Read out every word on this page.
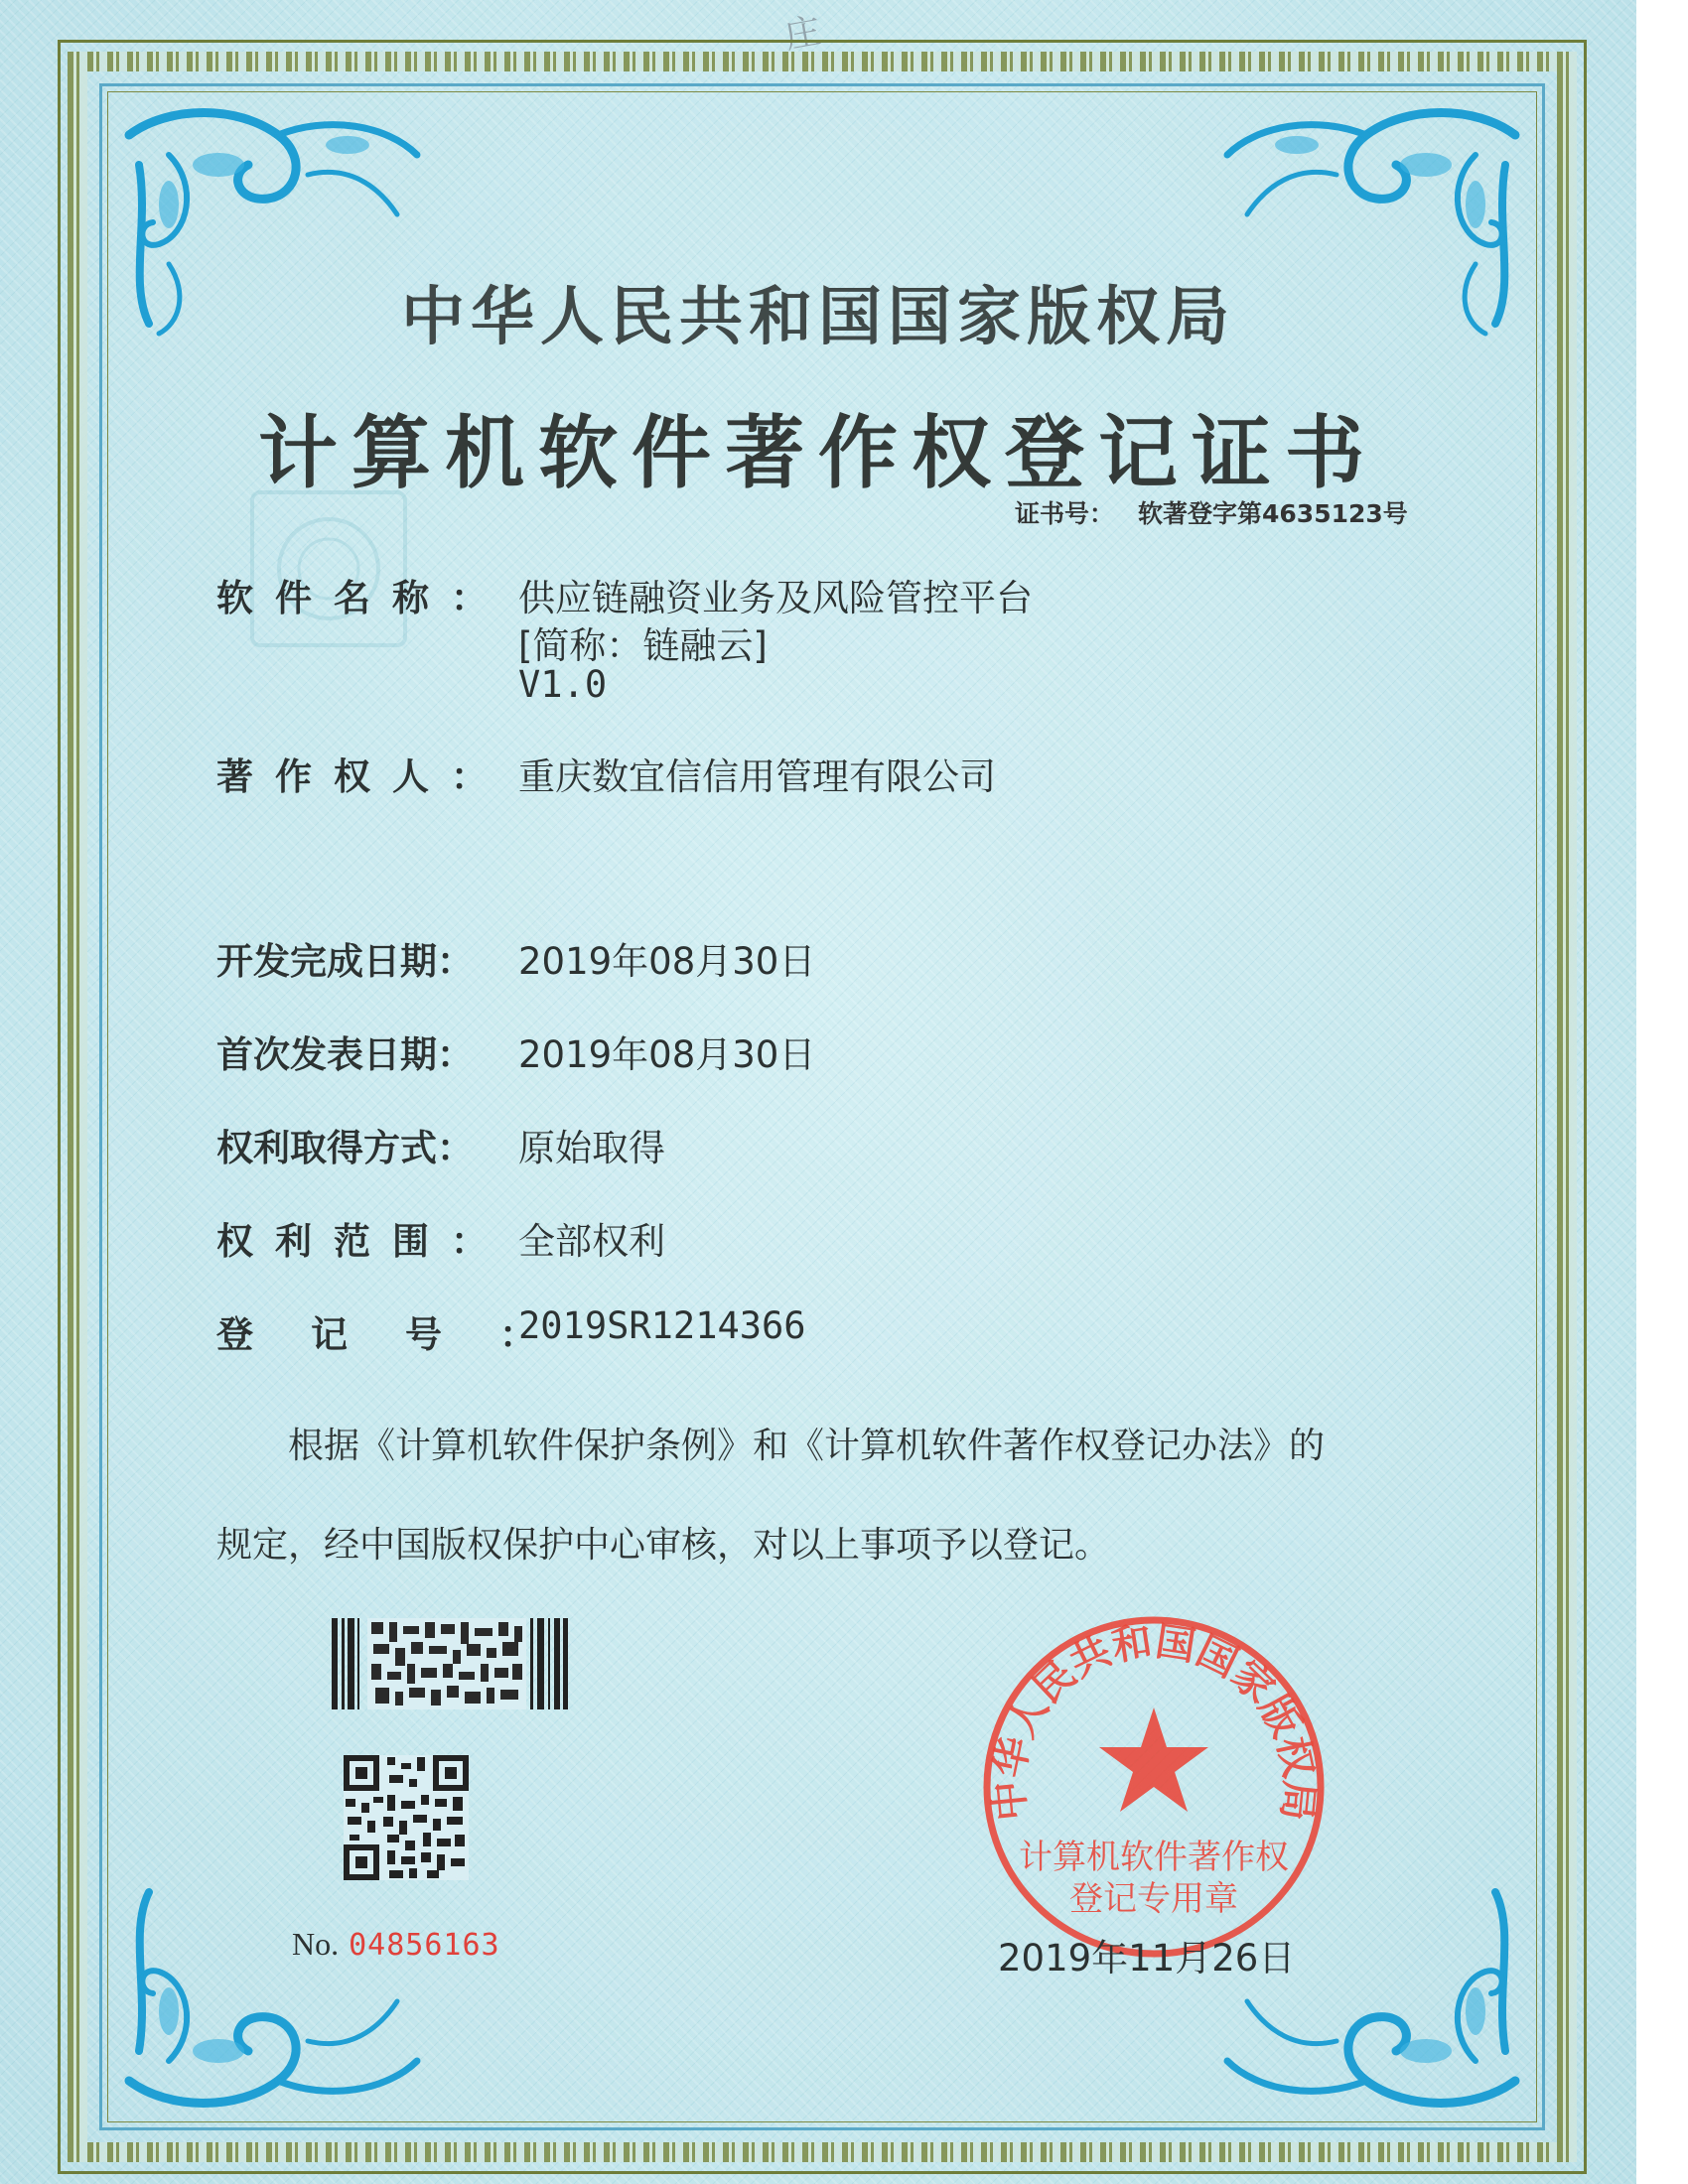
庄
中华人民共和国国家版权局
计算机软件著作权登记证书
证书号： 软著登字第4635123号
软件名称： 供应链融资业务及风险管控平台
[简称：链融云]
V1.0
著作权人： 重庆数宜信信用管理有限公司
开发完成日期： 2019年08月30日
首次发表日期： 2019年08月30日
权利取得方式： 原始取得
权利范围： 全部权利
登记号：
2019SR1214366
根据《计算机软件保护条例》和《计算机软件著作权登记办法》的
规定，经中国版权保护中心审核，对以上事项予以登记。
No. 04856163
中华人民共和国国家版权局
计算机软件著作权
登记专用章
2019年11月26日
